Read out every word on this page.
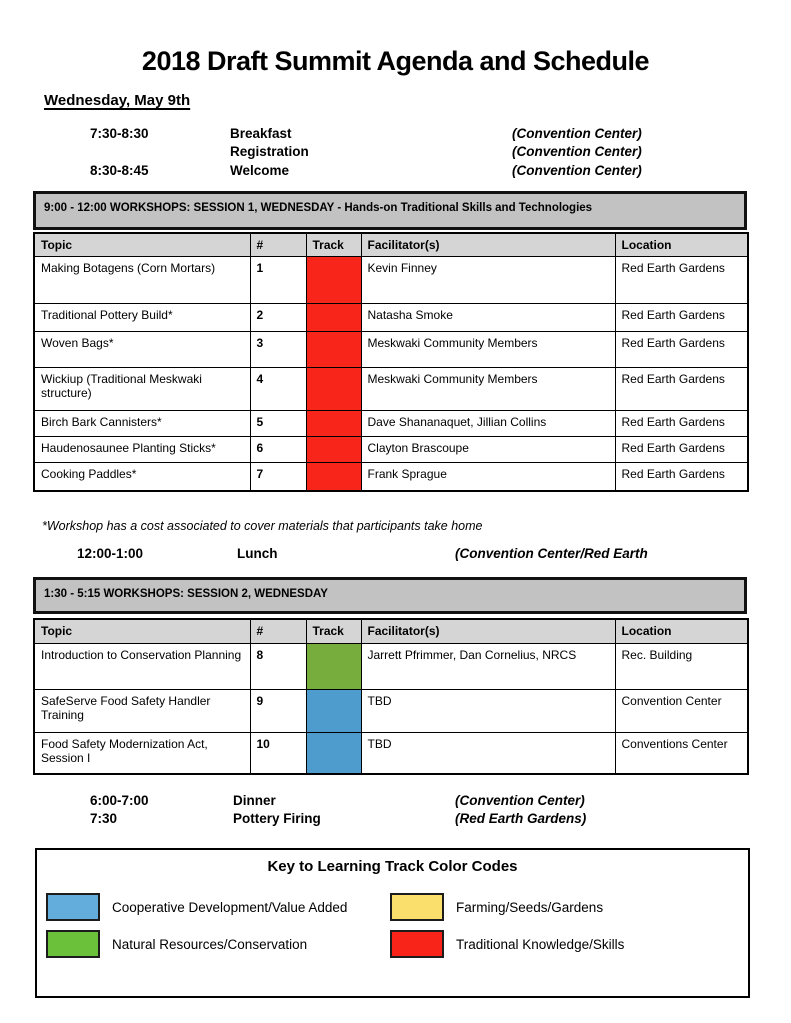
2018 Draft Summit Agenda and Schedule
Wednesday, May 9th
7:30-8:30	Breakfast	(Convention Center)
Registration	(Convention Center)
8:30-8:45	Welcome	(Convention Center)
9:00 - 12:00 WORKSHOPS: SESSION 1, WEDNESDAY - Hands-on Traditional Skills and Technologies
Topic	#	Track	Facilitator(s)	Location
Making Botagens (Corn Mortars)	1		Kevin Finney	Red Earth Gardens
Traditional Pottery Build*	2		Natasha Smoke	Red Earth Gardens
Woven Bags*	3		Meskwaki Community Members	Red Earth Gardens
Wickiup (Traditional Meskwaki structure)	4		Meskwaki Community Members	Red Earth Gardens
Birch Bark Cannisters*	5		Dave Shananaquet, Jillian Collins	Red Earth Gardens
Haudenosaunee Planting Sticks*	6		Clayton Brascoupe	Red Earth Gardens
Cooking Paddles*	7		Frank Sprague	Red Earth Gardens
*Workshop has a cost associated to cover materials that participants take home
12:00-1:00	Lunch	(Convention Center/Red Earth
1:30 - 5:15 WORKSHOPS: SESSION 2, WEDNESDAY
Topic	#	Track	Facilitator(s)	Location
Introduction to Conservation Planning	8		Jarrett Pfrimmer, Dan Cornelius, NRCS	Rec. Building
SafeServe Food Safety Handler Training	9		TBD	Convention Center
Food Safety Modernization Act, Session I	10		TBD	Conventions Center
6:00-7:00	Dinner	(Convention Center)
7:30	Pottery Firing	(Red Earth Gardens)
Key to Learning Track Color Codes
Cooperative Development/Value Added	Farming/Seeds/Gardens
Natural Resources/Conservation	Traditional Knowledge/Skills
